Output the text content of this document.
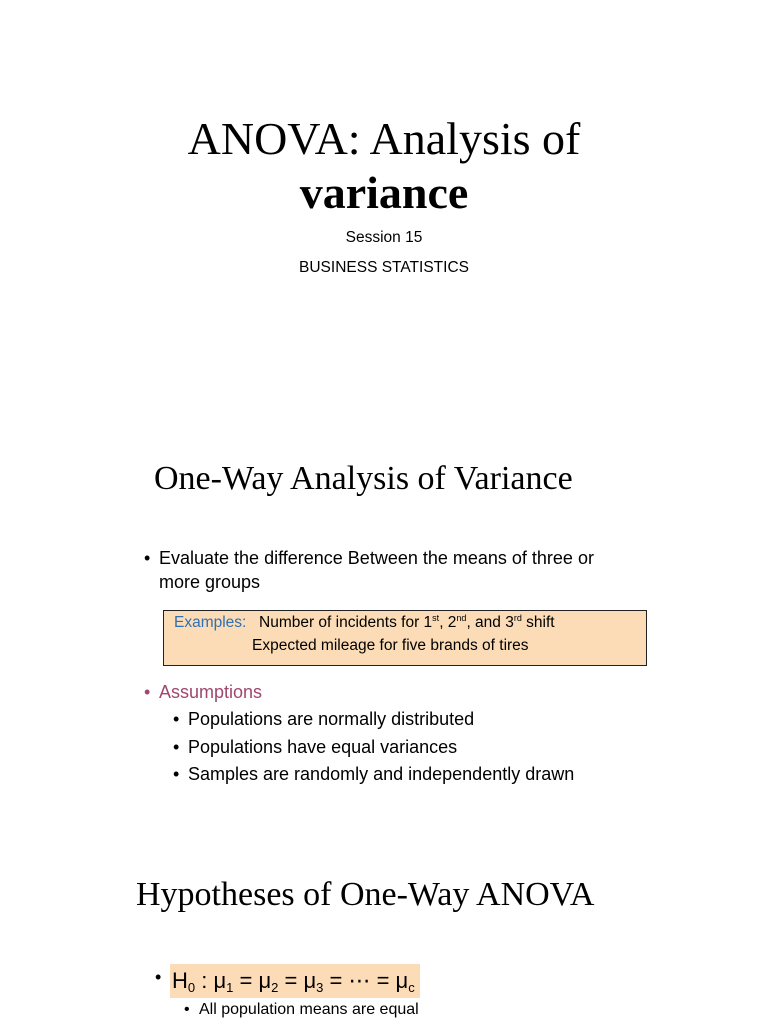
ANOVA: Analysis of
variance
Session 15
BUSINESS STATISTICS
One-Way Analysis of Variance
• Evaluate the difference Between the means of three or
more groups
Examples: Number of incidents for 1st, 2nd, and 3rd shift
Expected mileage for five brands of tires
• Assumptions
• Populations are normally distributed
• Populations have equal variances
• Samples are randomly and independently drawn
Hypotheses of One-Way ANOVA
• $H_0$ : $\mu_1 = \mu_2 = \mu_3$ = ⋯ = $\mu_c$
• All population means are equal
